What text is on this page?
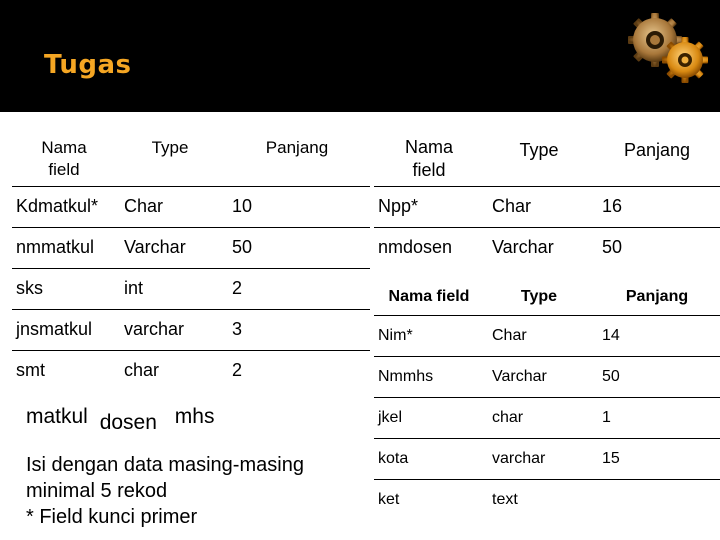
Tugas
Nama
field	Type	Panjang
Kdmatkul*	Char	10
nmmatkul	Varchar	50
sks	int	2
jnsmatkul	varchar	3
smt	char	2
Nama
field	Type	Panjang
Npp*	Char	16
nmdosen	Varchar	50
Nama field	Type	Panjang
Nim*	Char	14
Nmmhs	Varchar	50
jkel	char	1
kota	varchar	15
ket	text	
matkul dosen mhs
Isi dengan data masing-masing
minimal 5 rekod
* Field kunci primer
